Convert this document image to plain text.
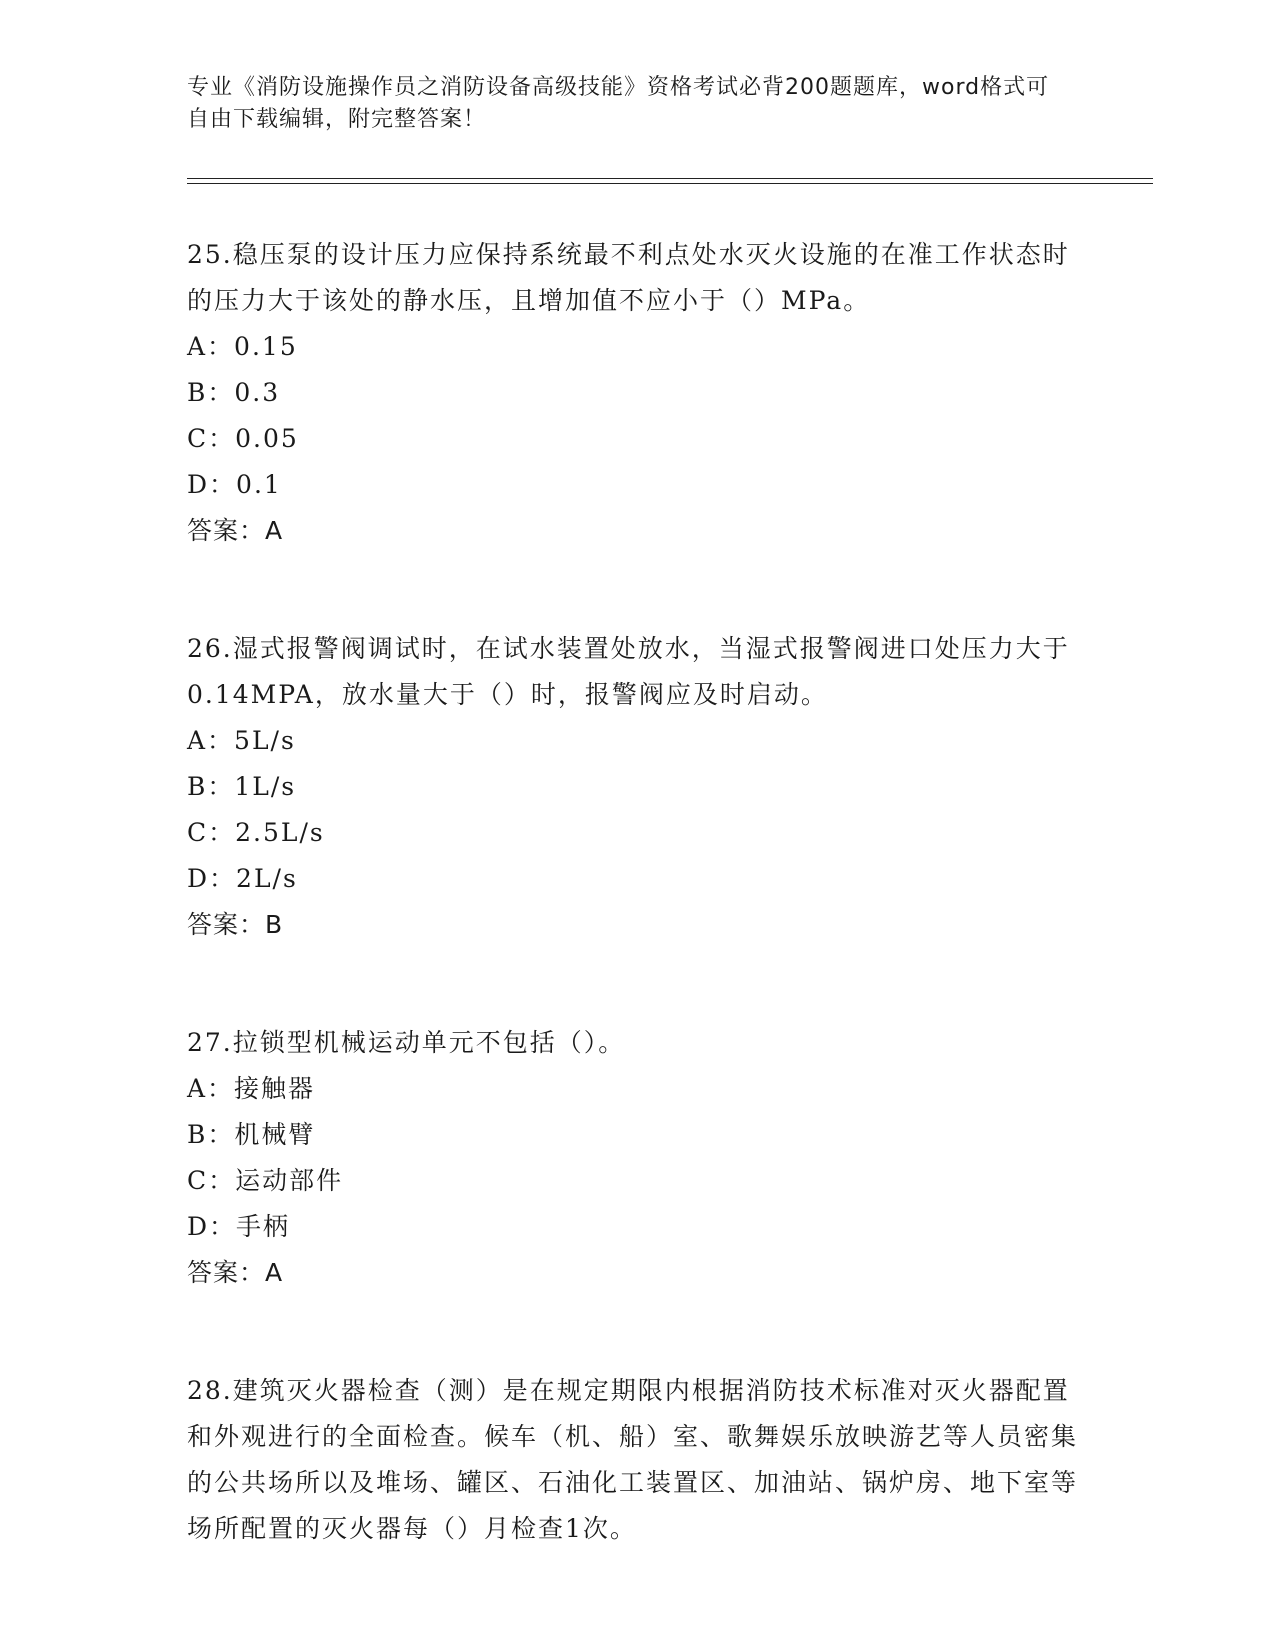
专业《消防设施操作员之消防设备高级技能》资格考试必背200题题库，word格式可自由下载编辑，附完整答案！

25.稳压泵的设计压力应保持系统最不利点处水灭火设施的在准工作状态时的压力大于该处的静水压，且增加值不应小于（）MPa。

A：0.15
B：0.3
C：0.05
D：0.1
答案：A

26.湿式报警阀调试时，在试水装置处放水，当湿式报警阀进口处压力大于0.14MPA，放水量大于（）时，报警阀应及时启动。

A：5L/s
B：1L/s
C：2.5L/s
D：2L/s
答案：B

27.拉锁型机械运动单元不包括（）。

A：接触器
B：机械臂
C：运动部件
D：手柄
答案：A

28.建筑灭火器检查（测）是在规定期限内根据消防技术标准对灭火器配置和外观进行的全面检查。候车（机、船）室、歌舞娱乐放映游艺等人员密集的公共场所以及堆场、罐区、石油化工装置区、加油站、锅炉房、地下室等场所配置的灭火器每（）月检查1次。
